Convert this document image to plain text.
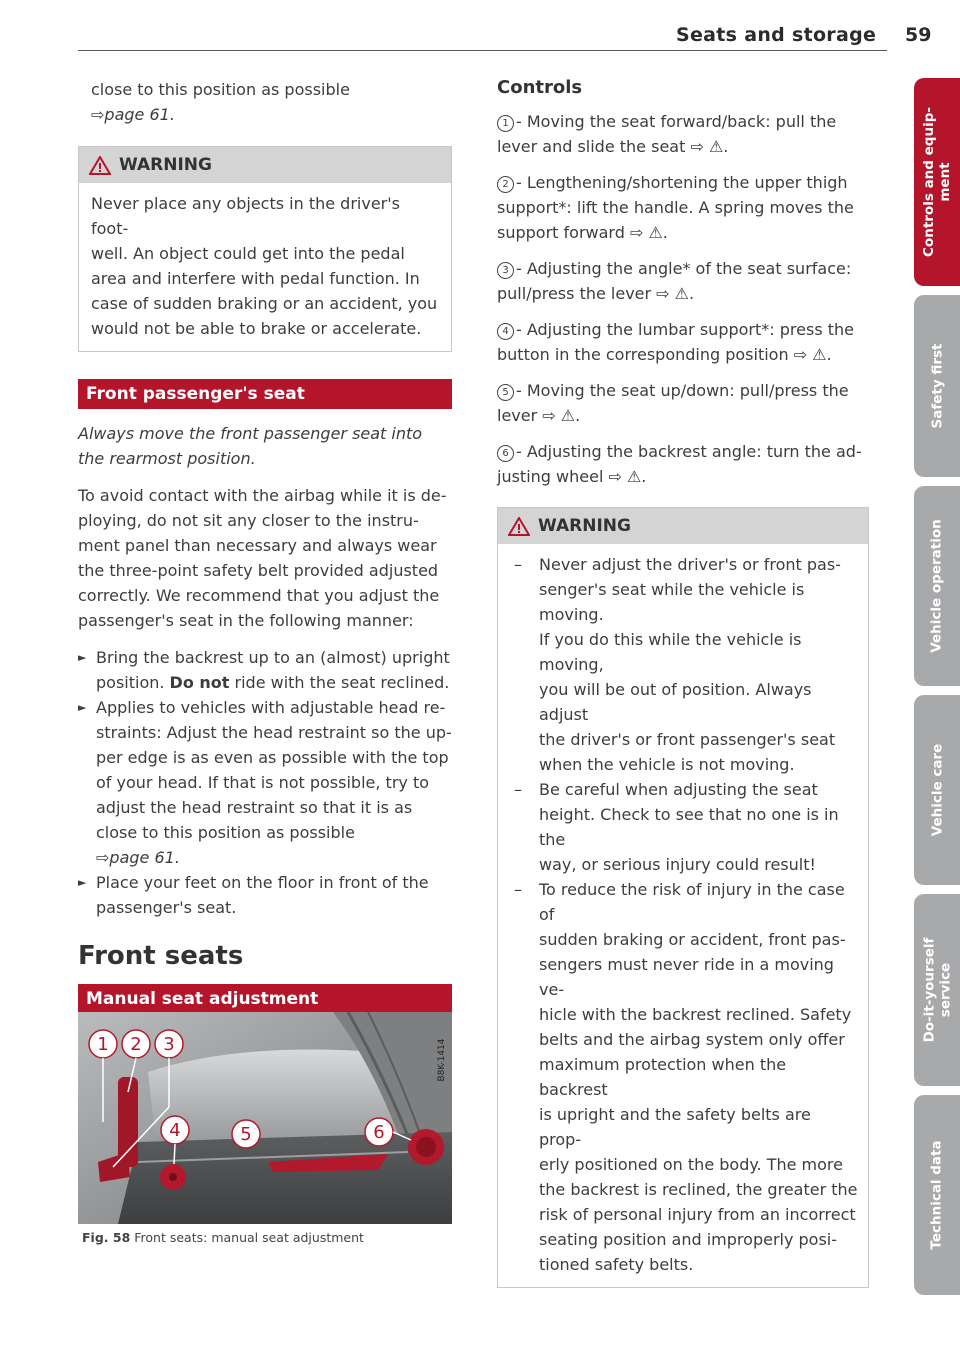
Seats and storage 59

close to this position as possible

⇨page 61.

WARNING

Never place any objects in the driver's foot-

well. An object could get into the pedal

area and interfere with pedal function. In

case of sudden braking or an accident, you

would not be able to brake or accelerate.

Front passenger's seat

Always move the front passenger seat into

the rearmost position.

To avoid contact with the airbag while it is de-

ploying, do not sit any closer to the instru-

ment panel than necessary and always wear

the three-point safety belt provided adjusted

correctly. We recommend that you adjust the

passenger's seat in the following manner:

► Bring the backrest up to an (almost) upright

position. Do not ride with the seat reclined.

► Applies to vehicles with adjustable head re-

straints: Adjust the head restraint so the up-

per edge is as even as possible with the top

of your head. If that is not possible, try to

adjust the head restraint so that it is as

close to this position as possible

⇨page 61.

► Place your feet on the floor in front of the

passenger's seat.

Front seats
Manual seat adjustment
1 2 3
4	5	6
B8K-1414
Fig. 58 Front seats: manual seat adjustment
Controls

1 - Moving the seat forward/back: pull the

lever and slide the seat ⇨ ⚠.

2 - Lengthening/shortening the upper thigh

support*: lift the handle. A spring moves the

support forward ⇨ ⚠.

3 - Adjusting the angle* of the seat surface:

pull/press the lever ⇨ ⚠.

4 - Adjusting the lumbar support*: press the

button in the corresponding position ⇨ ⚠.

5 - Moving the seat up/down: pull/press the

lever ⇨ ⚠.

6 - Adjusting the backrest angle: turn the ad-

justing wheel ⇨ ⚠.

WARNING
– Never adjust the driver's or front pas-

senger's seat while the vehicle is moving.

If you do this while the vehicle is moving,

you will be out of position. Always adjust

the driver's or front passenger's seat

when the vehicle is not moving.

– Be careful when adjusting the seat

height. Check to see that no one is in the

way, or serious injury could result!

– To reduce the risk of injury in the case of

sudden braking or accident, front pas-

sengers must never ride in a moving ve-

hicle with the backrest reclined. Safety

belts and the airbag system only offer

maximum protection when the backrest

is upright and the safety belts are prop-

erly positioned on the body. The more

the backrest is reclined, the greater the

risk of personal injury from an incorrect

seating position and improperly posi-

tioned safety belts.

Controls and equip-
ment
Safety first
Vehicle operation
Vehicle care
Do-it-yourself
service
Technical data
